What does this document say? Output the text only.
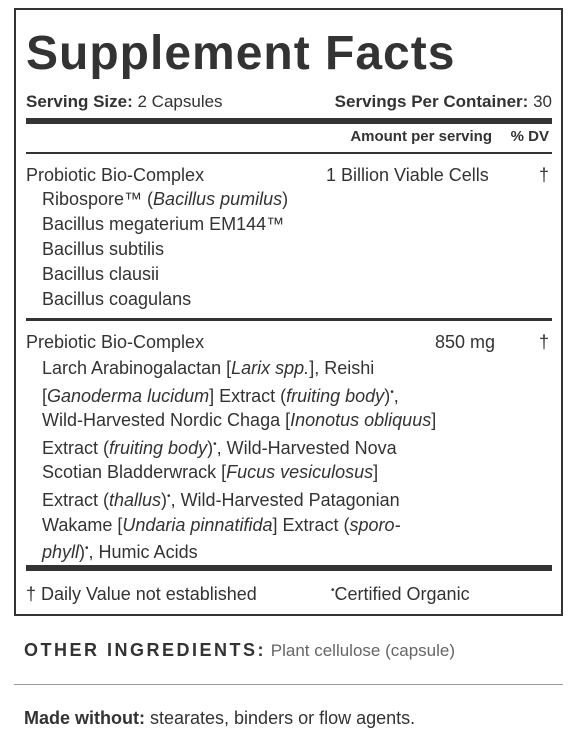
Supplement Facts
Serving Size: 2 Capsules	Servings Per Container: 30
Amount per serving % DV
Probiotic Bio-Complex	1 Billion Viable Cells	†
Ribospore™ (Bacillus pumilus)
Bacillus megaterium EM144™
Bacillus subtilis
Bacillus clausii
Bacillus coagulans
Prebiotic Bio-Complex	850 mg †
Larch Arabinogalactan [Larix spp.], Reishi
[Ganoderma lucidum] Extract (fruiting body)•,
Wild-Harvested Nordic Chaga [Inonotus obliquus]
Extract (fruiting body)•, Wild-Harvested Nova
Scotian Bladderwrack [Fucus vesiculosus]
Extract (thallus)•, Wild-Harvested Patagonian
Wakame [Undaria pinnatifida] Extract (sporo-
phyll)•, Humic Acids
† Daily Value not established	•Certified Organic
OTHER INGREDIENTS: Plant cellulose (capsule)
Made without: stearates, binders or flow agents.
